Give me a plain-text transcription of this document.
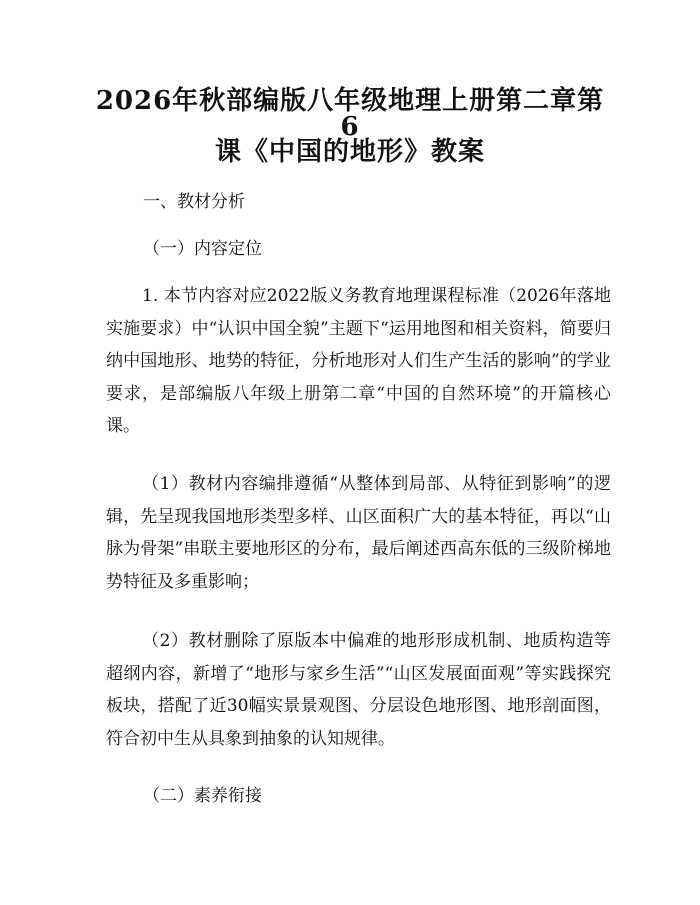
2026年秋部编版八年级地理上册第二章第6
课《中国的地形》教案

一、教材分析

（一）内容定位

1. 本节内容对应2022版义务教育地理课程标准（2026年落地实施要求）中“认识中国全貌”主题下“运用地图和相关资料，简要归纳中国地形、地势的特征，分析地形对人们生产生活的影响”的学业要求，是部编版八年级上册第二章“中国的自然环境”的开篇核心课。

（1）教材内容编排遵循“从整体到局部、从特征到影响”的逻辑，先呈现我国地形类型多样、山区面积广大的基本特征，再以“山脉为骨架”串联主要地形区的分布，最后阐述西高东低的三级阶梯地势特征及多重影响；

（2）教材删除了原版本中偏难的地形形成机制、地质构造等超纲内容，新增了“地形与家乡生活”“山区发展面面观”等实践探究板块，搭配了近30幅实景景观图、分层设色地形图、地形剖面图，符合初中生从具象到抽象的认知规律。

（二）素养衔接
